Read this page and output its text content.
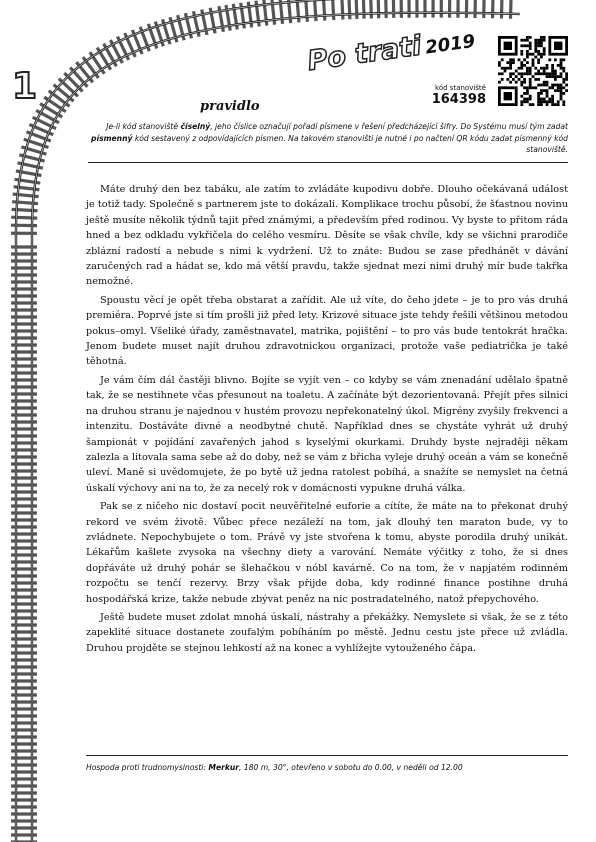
1
Po trati2019
kód stanoviště
164398
pravidlo
Je-li kód stanoviště číselný, jeho číslice označují pořadí písmene v řešení předcházející šifry. Do Systému musí tým zadat písmenný kód sestavený z odpovídajících písmen. Na takovém stanovišti je nutné i po načtení QR kódu zadat písmenný kód stanoviště.

Máte druhý den bez tabáku, ale zatím to zvládáte kupodivu dobře. Dlouho očekávaná událost je totiž tady. Společně s partnerem jste to dokázali. Komplikace trochu působí, že šťastnou novinu ještě musíte několik týdnů tajit před známými, a především před rodinou. Vy byste to přitom ráda hned a bez odkladu vykřičela do celého vesmíru. Děsíte se však chvíle, kdy se všichni prarodiče zblázní radostí a nebude s nimi k vydržení. Už to znáte: Budou se zase předhánět v dávání zaručených rad a hádat se, kdo má větší pravdu, takže sjednat mezi nimi druhý mír bude takřka nemožné.

Spoustu věcí je opět třeba obstarat a zařídit. Ale už víte, do čeho jdete – je to pro vás druhá premiéra. Poprvé jste si tím prošli již před lety. Krizové situace jste tehdy řešili většinou metodou pokus–omyl. Všeliké úřady, zaměstnavatel, matrika, pojištění – to pro vás bude tentokrát hračka. Jenom budete muset najít druhou zdravotnickou organizaci, protože vaše pediatrička je také těhotná.

Je vám čím dál častěji blivno. Bojíte se vyjít ven – co kdyby se vám znenadání udělalo špatně tak, že se nestihnete včas přesunout na toaletu. A začínáte být dezorientovaná. Přejít přes silnici na druhou stranu je najednou v hustém provozu nepřekonatelný úkol. Migrény zvyšily frekvenci a intenzitu. Dostáváte divné a neodbytné chutě. Například dnes se chystáte vyhrát už druhý šampionát v pojídání zavařených jahod s kyselými okurkami. Druhdy byste nejraději někam zalezla a litovala sama sebe až do doby, než se vám z břicha vyleje druhý oceán a vám se konečně uleví. Maně si uvědomujete, že po bytě už jedna ratolest pobíhá, a snažíte se nemyslet na četná úskalí výchovy ani na to, že za necelý rok v domácnosti vypukne druhá válka.

Pak se z ničeho nic dostaví pocit neuvěřitelné euforie a cítíte, že máte na to překonat druhý rekord ve svém životě. Vůbec přece nezáleží na tom, jak dlouhý ten maraton bude, vy to zvládnete. Nepochybujete o tom. Právě vy jste stvořena k tomu, abyste porodila druhý unikát. Lékařům kašlete zvysoka na všechny diety a varování. Nemáte výčitky z toho, že si dnes dopřáváte už druhý pohár se šlehačkou v nóbl kavárně. Co na tom, že v napjatém rodinném rozpočtu se tenčí rezervy. Brzy však přijde doba, kdy rodinné finance postihne druhá hospodářská krize, takže nebude zbývat peněz na nic postradatelného, natož přepychového.

Ještě budete muset zdolat mnohá úskalí, nástrahy a překážky. Nemyslete si však, že se z této zapeklité situace dostanete zoufalým pobíháním po městě. Jednu cestu jste přece už zvládla. Druhou projděte se stejnou lehkostí až na konec a vyhlížejte vytouženého čápa.

Hospoda proti trudnomyslnosti: Merkur, 180 m, 30°, otevřeno v sobotu do 0.00, v neděli od 12.00
